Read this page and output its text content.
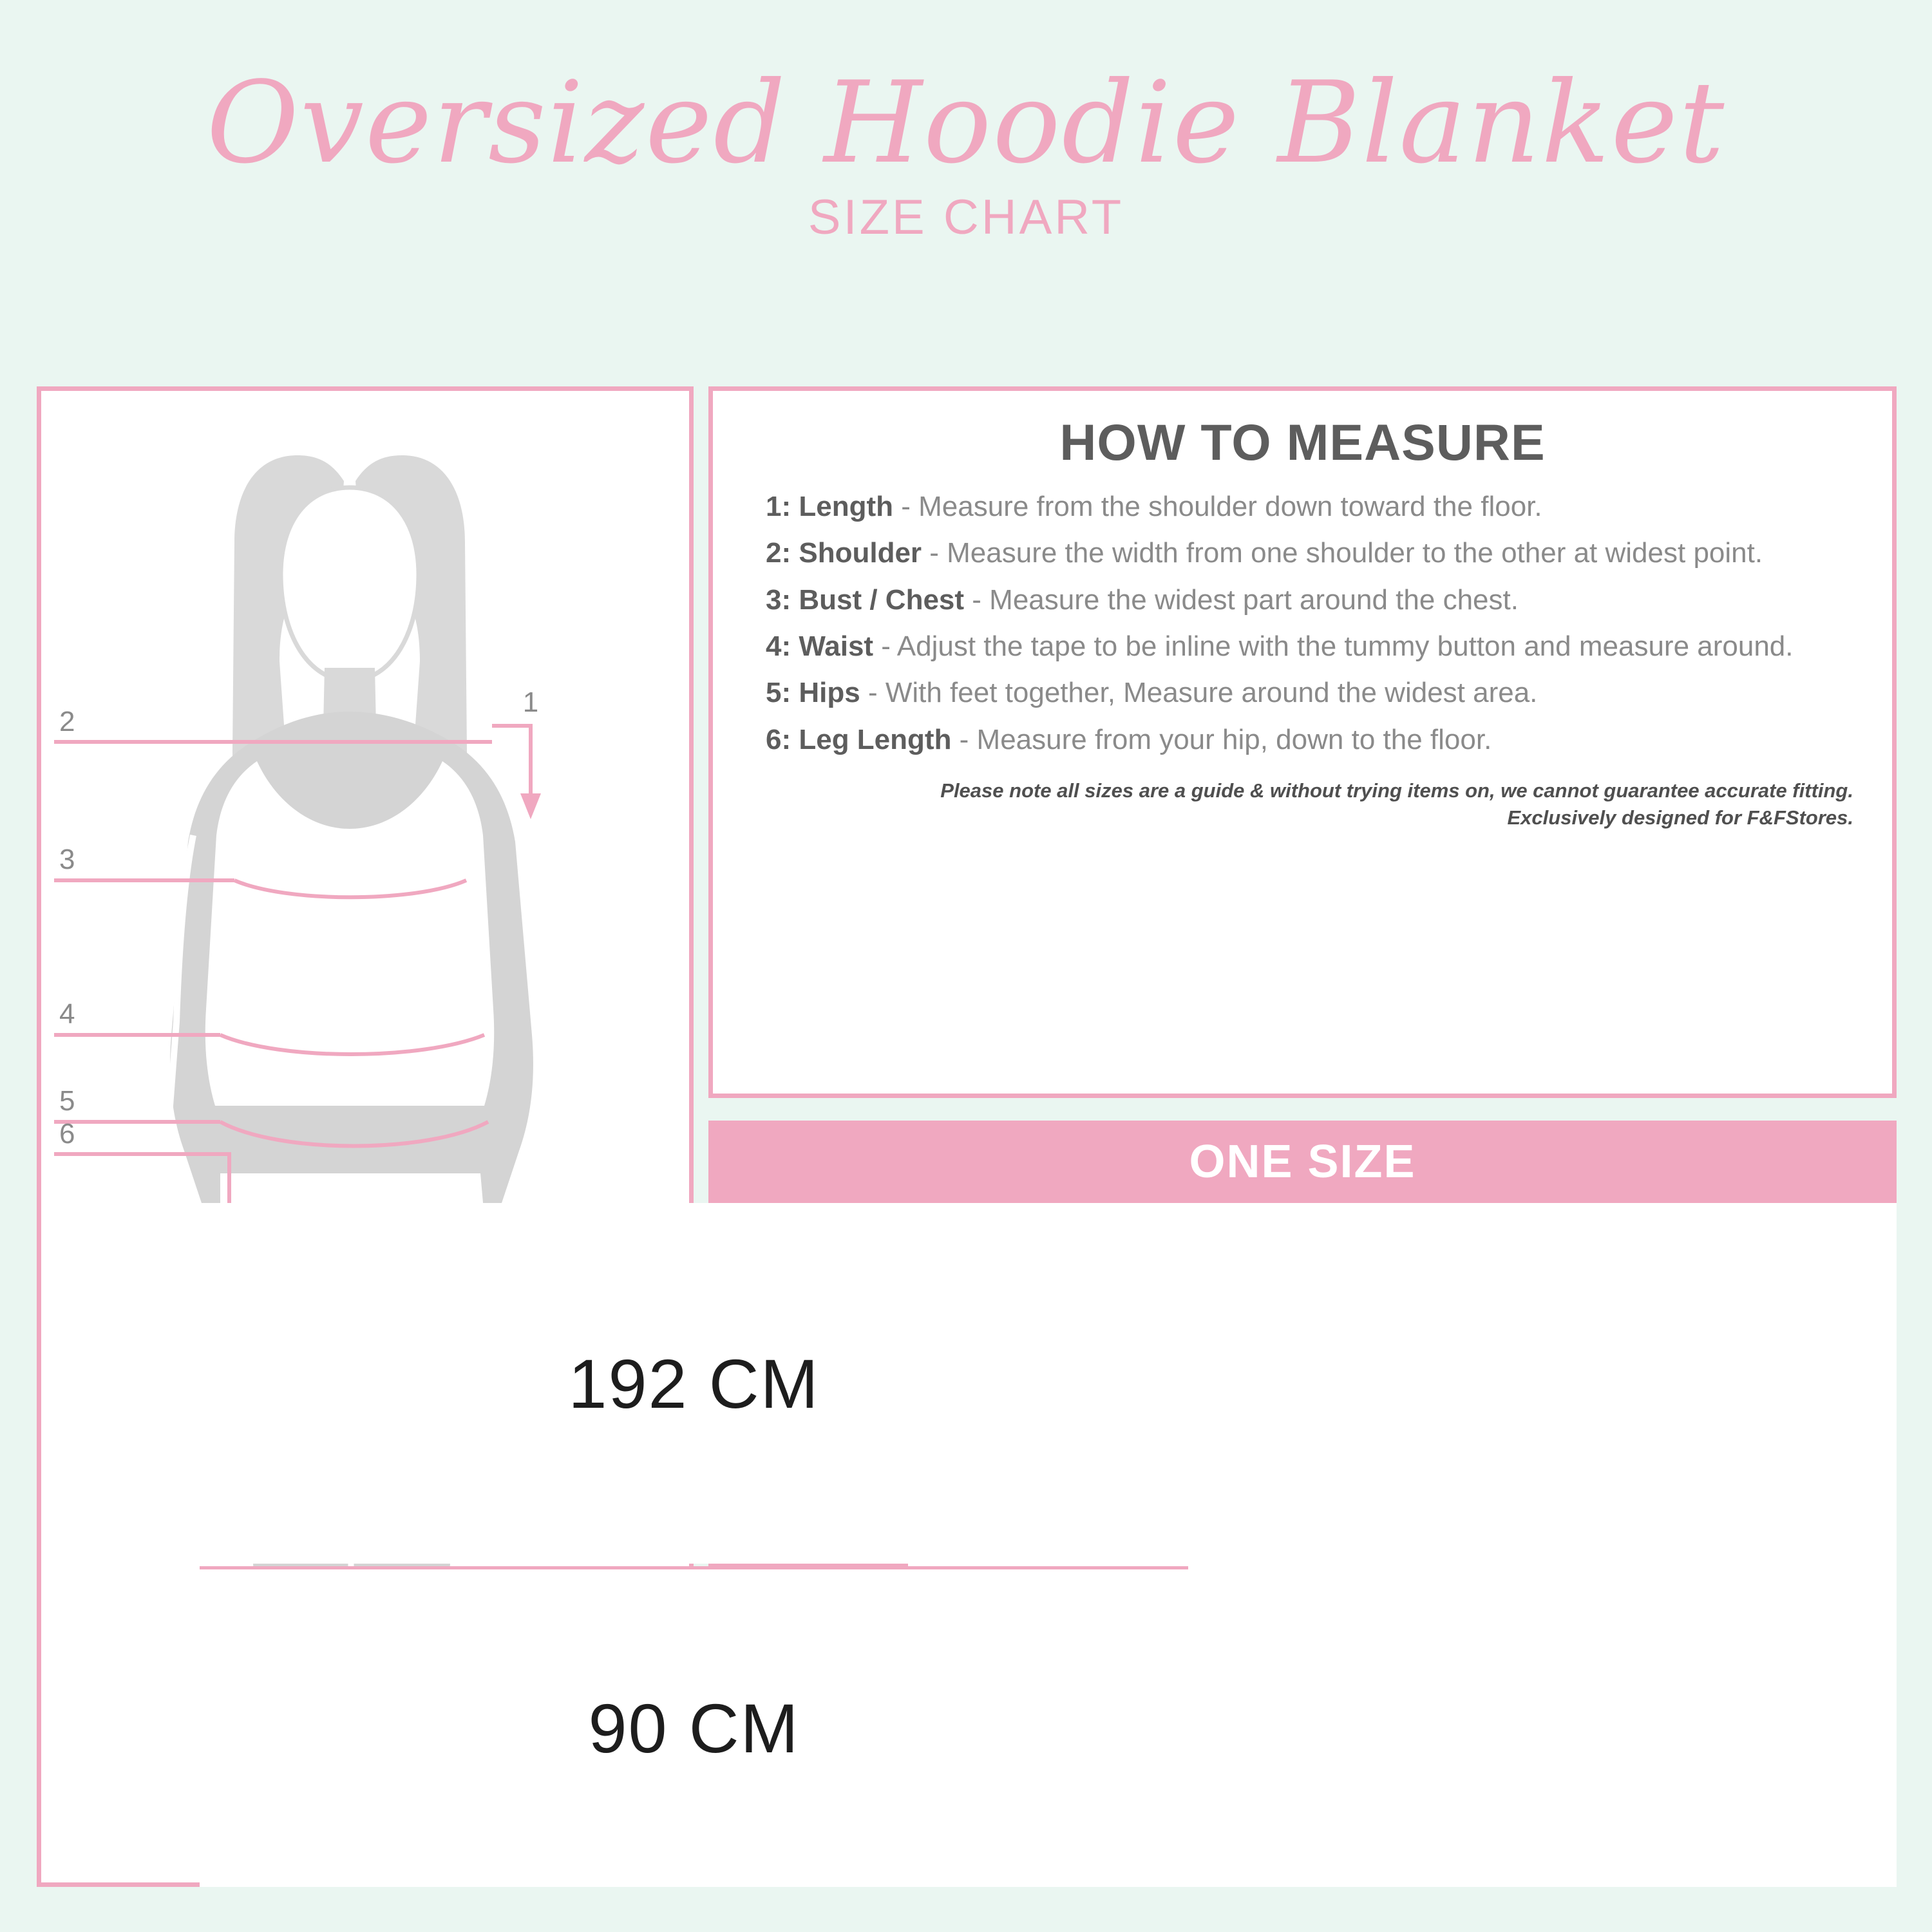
Oversized Hoodie Blanket
SIZE CHART
1
2
3
4
5
6
HOW TO MEASURE
1: Length - Measure from the shoulder down toward the floor.
2: Shoulder - Measure the width from one shoulder to the other at widest point.
3: Bust / Chest - Measure the widest part around the chest.
4: Waist - Adjust the tape to be inline with the tummy button and measure around.
5: Hips - With feet together, Measure around the widest area.
6: Leg Length - Measure from your hip, down to the floor.
Please note all sizes are a guide & without trying items on, we cannot guarantee accurate fitting.
Exclusively designed for F&FStores.
ONE SIZE
Chest
3
Length
1
192 CM
90 CM
